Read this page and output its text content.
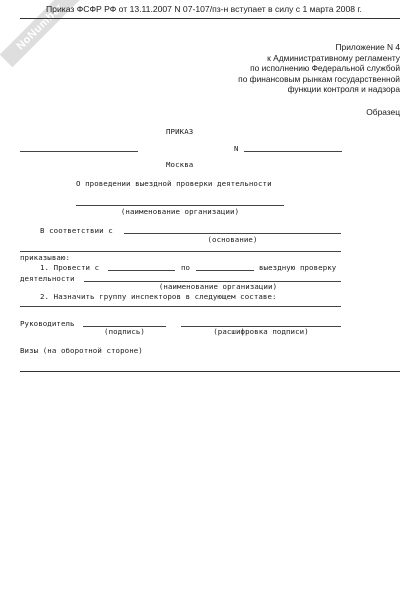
NoNumber
Приказ ФСФР РФ от 13.11.2007 N 07-107/пз-н вступает в силу с 1 марта 2008 г.
Приложение N 4
к Административному регламенту
по исполнению Федеральной службой
по финансовым рынкам государственной
функции контроля и надзора
Образец
ПРИКАЗ
N
Москва
О проведении выездной проверки деятельности
(наименование организации)
В соответствии с
(основание)
приказываю:
1. Провести с	по	выездную проверку
деятельности
(наименование организации)
2. Назначить группу инспекторов в следующем составе:
Руководитель
(подпись)	(расшифровка подписи)
Визы (на оборотной стороне)
